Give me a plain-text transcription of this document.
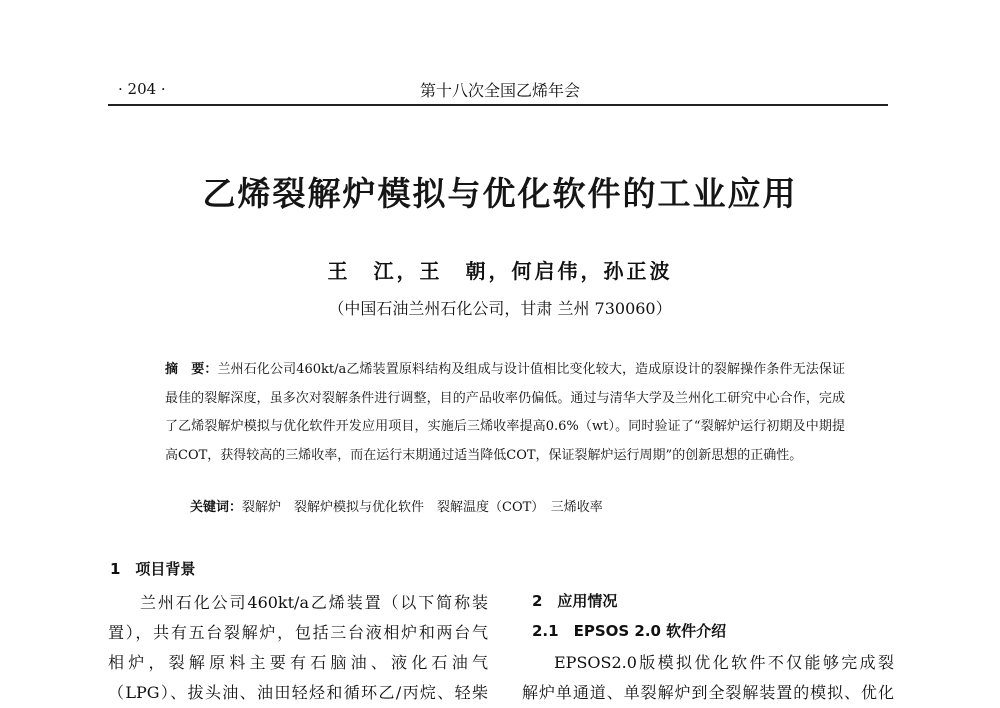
· 204 ·	第十八次全国乙烯年会
乙烯裂解炉模拟与优化软件的工业应用
王　江，王　朝，何启伟，孙正波
（中国石油兰州石化公司，甘肃 兰州 730060）
摘　要：兰州石化公司460kt/a乙烯装置原料结构及组成与设计值相比变化较大，造成原设计的裂解操作条件无法保证最佳的裂解深度，虽多次对裂解条件进行调整，目的产品收率仍偏低。通过与清华大学及兰州化工研究中心合作，完成了乙烯裂解炉模拟与优化软件开发应用项目，实施后三烯收率提高0.6%（wt）。同时验证了“裂解炉运行初期及中期提高COT，获得较高的三烯收率，而在运行末期通过适当降低COT，保证裂解炉运行周期”的创新思想的正确性。
关键词：裂解炉　裂解炉模拟与优化软件　裂解温度（COT）　三烯收率
1　项目背景

兰州石化公司460kt/a乙烯装置（以下简称装

置），共有五台裂解炉，包括三台液相炉和两台气

相炉，裂解原料主要有石脑油、液化石油气

（LPG）、拔头油、油田轻烃和循环乙/丙烷、轻柴

2　应用情况
2.1　EPSOS 2.0 软件介绍

EPSOS2.0版模拟优化软件不仅能够完成裂

解炉单通道、单裂解炉到全裂解装置的模拟、优化
